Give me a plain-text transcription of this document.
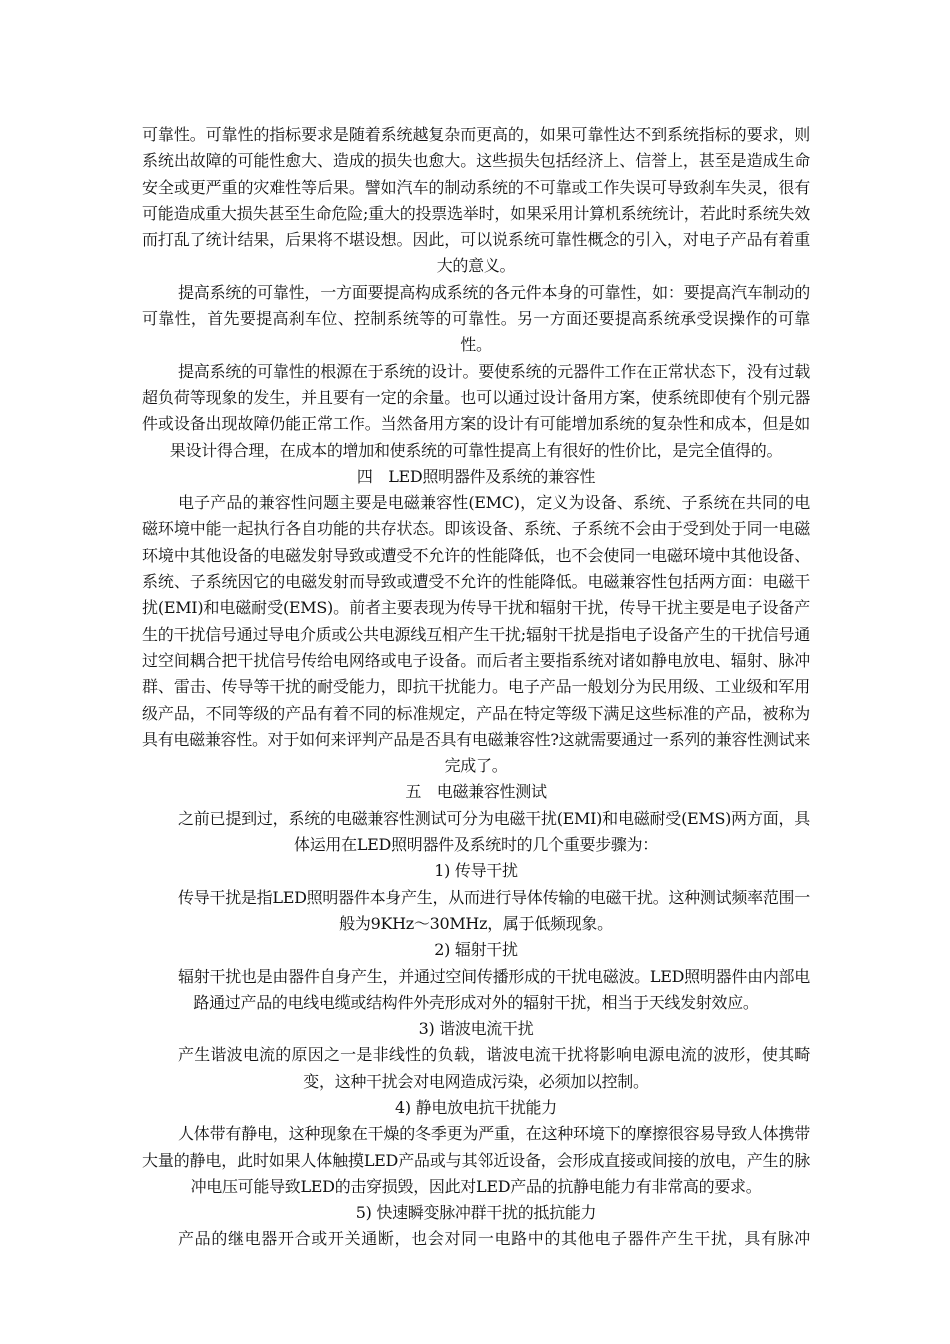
可靠性。可靠性的指标要求是随着系统越复杂而更高的，如果可靠性达不到系统指标的要求，则系统出故障的可能性愈大、造成的损失也愈大。这些损失包括经济上、信誉上，甚至是造成生命安全或更严重的灾难性等后果。譬如汽车的制动系统的不可靠或工作失误可导致刹车失灵，很有可能造成重大损失甚至生命危险;重大的投票选举时，如果采用计算机系统统计，若此时系统失效而打乱了统计结果，后果将不堪设想。因此，可以说系统可靠性概念的引入，对电子产品有着重大的意义。

提高系统的可靠性，一方面要提高构成系统的各元件本身的可靠性，如：要提高汽车制动的可靠性，首先要提高刹车位、控制系统等的可靠性。另一方面还要提高系统承受误操作的可靠性。

提高系统的可靠性的根源在于系统的设计。要使系统的元器件工作在正常状态下，没有过载超负荷等现象的发生，并且要有一定的余量。也可以通过设计备用方案，使系统即使有个别元器件或设备出现故障仍能正常工作。当然备用方案的设计有可能增加系统的复杂性和成本，但是如果设计得合理，在成本的增加和使系统的可靠性提高上有很好的性价比，是完全值得的。

四　LED照明器件及系统的兼容性

电子产品的兼容性问题主要是电磁兼容性(EMC)，定义为设备、系统、子系统在共同的电磁环境中能一起执行各自功能的共存状态。即该设备、系统、子系统不会由于受到处于同一电磁环境中其他设备的电磁发射导致或遭受不允许的性能降低，也不会使同一电磁环境中其他设备、系统、子系统因它的电磁发射而导致或遭受不允许的性能降低。电磁兼容性包括两方面：电磁干扰(EMI)和电磁耐受(EMS)。前者主要表现为传导干扰和辐射干扰，传导干扰主要是电子设备产生的干扰信号通过导电介质或公共电源线互相产生干扰;辐射干扰是指电子设备产生的干扰信号通过空间耦合把干扰信号传给电网络或电子设备。而后者主要指系统对诸如静电放电、辐射、脉冲群、雷击、传导等干扰的耐受能力，即抗干扰能力。电子产品一般划分为民用级、工业级和军用级产品，不同等级的产品有着不同的标准规定，产品在特定等级下满足这些标准的产品，被称为具有电磁兼容性。对于如何来评判产品是否具有电磁兼容性?这就需要通过一系列的兼容性测试来完成了。

五　电磁兼容性测试

之前已提到过，系统的电磁兼容性测试可分为电磁干扰(EMI)和电磁耐受(EMS)两方面，具体运用在LED照明器件及系统时的几个重要步骤为：

1) 传导干扰

传导干扰是指LED照明器件本身产生，从而进行导体传输的电磁干扰。这种测试频率范围一般为9KHz～30MHz，属于低频现象。

2) 辐射干扰

辐射干扰也是由器件自身产生，并通过空间传播形成的干扰电磁波。LED照明器件由内部电路通过产品的电线电缆或结构件外壳形成对外的辐射干扰，相当于天线发射效应。

3) 谐波电流干扰

产生谐波电流的原因之一是非线性的负载，谐波电流干扰将影响电源电流的波形，使其畸变，这种干扰会对电网造成污染，必须加以控制。

4) 静电放电抗干扰能力

人体带有静电，这种现象在干燥的冬季更为严重，在这种环境下的摩擦很容易导致人体携带大量的静电，此时如果人体触摸LED产品或与其邻近设备，会形成直接或间接的放电，产生的脉冲电压可能导致LED的击穿损毁，因此对LED产品的抗静电能力有非常高的要求。

5) 快速瞬变脉冲群干扰的抵抗能力

产品的继电器开合或开关通断，也会对同一电路中的其他电子器件产生干扰，具有脉冲
